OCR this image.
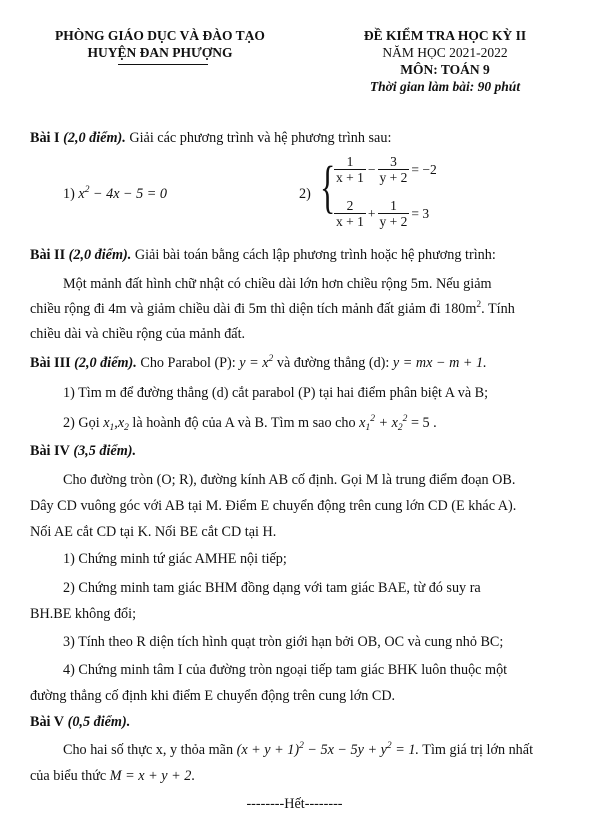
PHÒNG GIÁO DỤC VÀ ĐÀO TẠO
HUYỆN ĐAN PHƯỢNG
ĐỀ KIỂM TRA HỌC KỲ II
NĂM HỌC 2021-2022
MÔN: TOÁN 9
Thời gian làm bài: 90 phút
Bài I (2,0 điểm). Giải các phương trình và hệ phương trình sau:
1) $x^2 - 4x - 5 = 0$	2) {
$\frac{1}{x + 1} - \frac{3}{y + 2} = -2$
$\frac{2}{x + 1} + \frac{1}{y + 2} = 3$
Bài II (2,0 điểm). Giải bài toán bằng cách lập phương trình hoặc hệ phương trình:
Một mảnh đất hình chữ nhật có chiều dài lớn hơn chiều rộng 5m. Nếu giảm
chiều rộng đi 4m và giảm chiều dài đi 5m thì diện tích mảnh đất giảm đi $180m^2$. Tính
chiều dài và chiều rộng của mảnh đất.
Bài III (2,0 điểm). Cho Parabol (P): $y = x^2$ và đường thẳng (d): y = mx − m + 1.
1) Tìm m để đường thẳng (d) cắt parabol (P) tại hai điểm phân biệt A và B;
2) Gọi $x_1,x_2$ là hoành độ của A và B. Tìm m sao cho $x_1^2 + x_2^2 = 5$ .
Bài IV (3,5 điểm).
Cho đường tròn (O; R), đường kính AB cố định. Gọi M là trung điểm đoạn OB.
Dây CD vuông góc với AB tại M. Điểm E chuyển động trên cung lớn CD (E khác A).
Nối AE cắt CD tại K. Nối BE cắt CD tại H.
1) Chứng minh tứ giác AMHE nội tiếp;
2) Chứng minh tam giác BHM đồng dạng với tam giác BAE, từ đó suy ra
BH.BE không đổi;
3) Tính theo R diện tích hình quạt tròn giới hạn bởi OB, OC và cung nhỏ BC;
4) Chứng minh tâm I của đường tròn ngoại tiếp tam giác BHK luôn thuộc một
đường thẳng cố định khi điểm E chuyển động trên cung lớn CD.
Bài V (0,5 điểm).
Cho hai số thực x, y thỏa mãn $(x + y + 1)^2 - 5x - 5y + y^2 = 1$. Tìm giá trị lớn nhất
của biểu thức M = x + y + 2.
--------Hết--------
